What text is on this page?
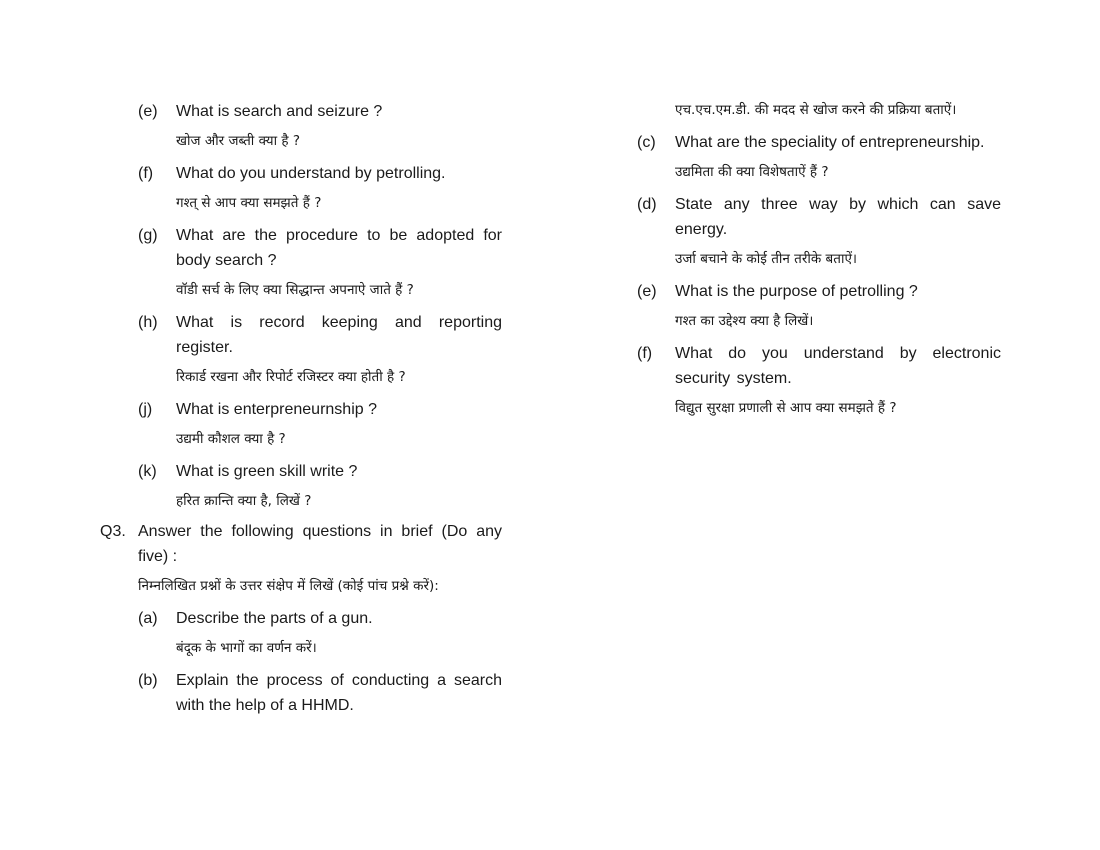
(e) What is search and seizure ?
खोज और जब्ती क्या है ?
(f) What do you understand by petrolling.
गश्त् से आप क्या समझते हैं ?
(g) What are the procedure to be adopted for body search ?
वॉडी सर्च के लिए क्या सिद्धान्त अपनाऐ जाते हैं ?
(h) What is record keeping and reporting register.
रिकार्ड रखना और रिपोर्ट रजिस्टर क्या होती है ?
(j) What is enterpreneurnship ?
उद्यमी कौशल क्या है ?
(k) What is green skill write ?
हरित क्रान्ति क्या है, लिखें ?
Q3. Answer the following questions in brief (Do any five) :
निम्नलिखित प्रश्नों के उत्तर संक्षेप में लिखें (कोई पांच प्रश्ने करें):
(a) Describe the parts of a gun.
बंदूक के भागों का वर्णन करें।
(b) Explain the process of conducting a search with the help of a HHMD.
एच.एच.एम.डी. की मदद से खोज करने की प्रक्रिया बताऐं।
(c) What are the speciality of entrepreneurship.
उद्यमिता की क्या विशेषताऐं हैं ?
(d) State any three way by which can save energy.
उर्जा बचाने के कोई तीन तरीके बताऐं।
(e) What is the purpose of petrolling ?
गश्त का उद्देश्य क्या है लिखें।
(f) What do you understand by electronic security system.
विद्युत सुरक्षा प्रणाली से आप क्या समझते हैं ?
